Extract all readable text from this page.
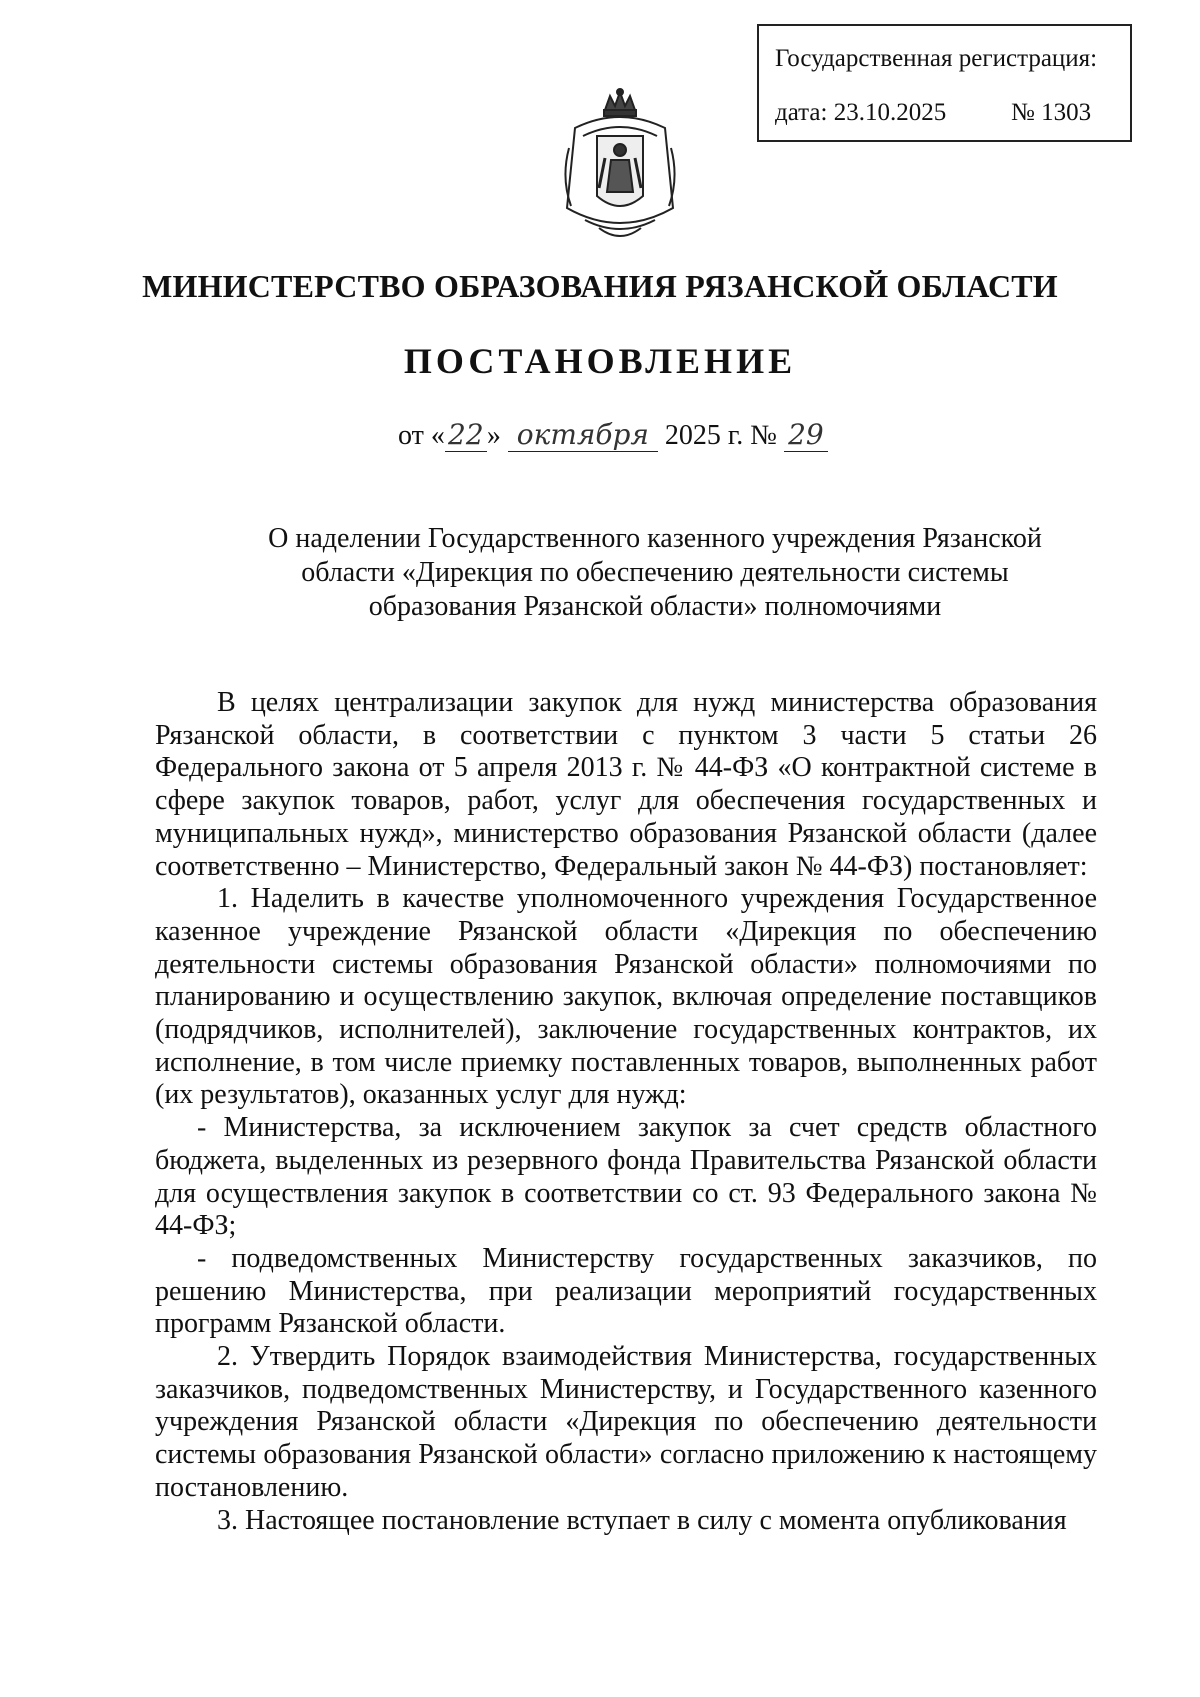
Государственная регистрация:
дата: 23.10.2025	№ 1303
МИНИСТЕРСТВО ОБРАЗОВАНИЯ РЯЗАНСКОЙ ОБЛАСТИ
ПОСТАНОВЛЕНИЕ
от « 22 » октября 2025 г. № 29
О наделении Государственного казенного учреждения Рязанской
области «Дирекция по обеспечению деятельности системы
образования Рязанской области» полномочиями

В целях централизации закупок для нужд министерства образования Рязанской области, в соответствии с пунктом 3 части 5 статьи 26 Федерального закона от 5 апреля 2013 г. № 44-ФЗ «О контрактной системе в сфере закупок товаров, работ, услуг для обеспечения государственных и муниципальных нужд», министерство образования Рязанской области (далее соответственно – Министерство, Федеральный закон № 44-ФЗ) постановляет:

1. Наделить в качестве уполномоченного учреждения Государственное казенное учреждение Рязанской области «Дирекция по обеспечению деятельности системы образования Рязанской области» полномочиями по планированию и осуществлению закупок, включая определение поставщиков (подрядчиков, исполнителей), заключение государственных контрактов, их исполнение, в том числе приемку поставленных товаров, выполненных работ (их результатов), оказанных услуг для нужд:

- Министерства, за исключением закупок за счет средств областного бюджета, выделенных из резервного фонда Правительства Рязанской области для осуществления закупок в соответствии со ст. 93 Федерального закона № 44-ФЗ;

- подведомственных Министерству государственных заказчиков, по решению Министерства, при реализации мероприятий государственных программ Рязанской области.

2. Утвердить Порядок взаимодействия Министерства, государственных заказчиков, подведомственных Министерству, и Государственного казенного учреждения Рязанской области «Дирекция по обеспечению деятельности системы образования Рязанской области» согласно приложению к настоящему постановлению.

3. Настоящее постановление вступает в силу с момента опубликования
